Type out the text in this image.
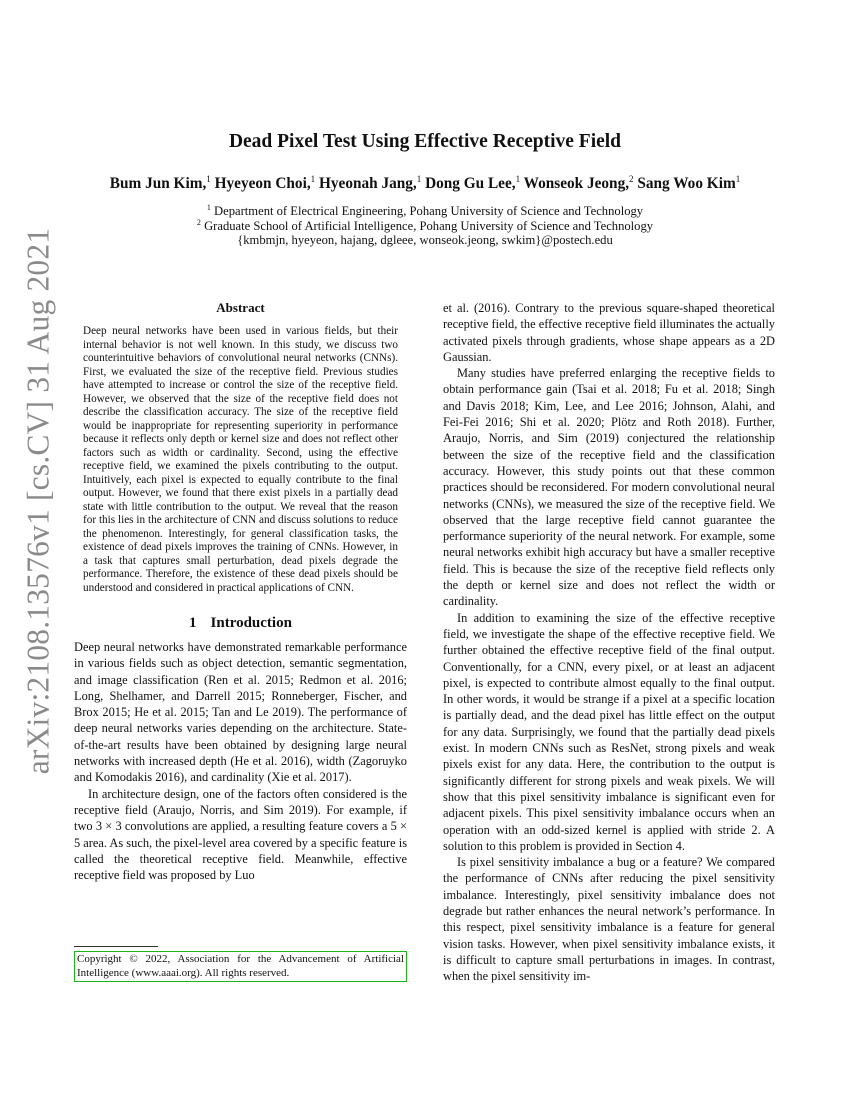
arXiv:2108.13576v1 [cs.CV] 31 Aug 2021
Dead Pixel Test Using Effective Receptive Field
Bum Jun Kim,$^1$ Hyeyeon Choi,$^1$ Hyeonah Jang,$^1$ Dong Gu Lee,$^1$ Wonseok Jeong,$^2$ Sang Woo Kim$^1$
$^1$ Department of Electrical Engineering, Pohang University of Science and Technology
$^2$ Graduate School of Artificial Intelligence, Pohang University of Science and Technology
{kmbmjn, hyeyeon, hajang, dgleee, wonseok.jeong, swkim}@postech.edu
Abstract
Deep neural networks have been used in various fields, but their internal behavior is not well known. In this study, we discuss two counterintuitive behaviors of convolutional neural networks (CNNs). First, we evaluated the size of the receptive field. Previous studies have attempted to increase or control the size of the receptive field. However, we observed that the size of the receptive field does not describe the classification accuracy. The size of the receptive field would be inappropriate for representing superiority in performance because it reflects only depth or kernel size and does not reflect other factors such as width or cardinality. Second, using the effective receptive field, we examined the pixels contributing to the output. Intuitively, each pixel is expected to equally contribute to the final output. However, we found that there exist pixels in a partially dead state with little contribution to the output. We reveal that the reason for this lies in the architecture of CNN and discuss solutions to reduce the phenomenon. Interestingly, for general classification tasks, the existence of dead pixels improves the training of CNNs. However, in a task that captures small perturbation, dead pixels degrade the performance. Therefore, the existence of these dead pixels should be understood and considered in practical applications of CNN.
1 Introduction

Deep neural networks have demonstrated remarkable performance in various fields such as object detection, semantic segmentation, and image classification (Ren et al. 2015; Redmon et al. 2016; Long, Shelhamer, and Darrell 2015; Ronneberger, Fischer, and Brox 2015; He et al. 2015; Tan and Le 2019). The performance of deep neural networks varies depending on the architecture. State-of-the-art results have been obtained by designing large neural networks with increased depth (He et al. 2016), width (Zagoruyko and Komodakis 2016), and cardinality (Xie et al. 2017).

In architecture design, one of the factors often considered is the receptive field (Araujo, Norris, and Sim 2019). For example, if two 3 × 3 convolutions are applied, a resulting feature covers a 5 × 5 area. As such, the pixel-level area covered by a specific feature is called the theoretical receptive field. Meanwhile, effective receptive field was proposed by Luo

Copyright © 2022, Association for the Advancement of Artificial Intelligence (www.aaai.org). All rights reserved.

et al. (2016). Contrary to the previous square-shaped theoretical receptive field, the effective receptive field illuminates the actually activated pixels through gradients, whose shape appears as a 2D Gaussian.

Many studies have preferred enlarging the receptive fields to obtain performance gain (Tsai et al. 2018; Fu et al. 2018; Singh and Davis 2018; Kim, Lee, and Lee 2016; Johnson, Alahi, and Fei-Fei 2016; Shi et al. 2020; Plötz and Roth 2018). Further, Araujo, Norris, and Sim (2019) conjectured the relationship between the size of the receptive field and the classification accuracy. However, this study points out that these common practices should be reconsidered. For modern convolutional neural networks (CNNs), we measured the size of the receptive field. We observed that the large receptive field cannot guarantee the performance superiority of the neural network. For example, some neural networks exhibit high accuracy but have a smaller receptive field. This is because the size of the receptive field reflects only the depth or kernel size and does not reflect the width or cardinality.

In addition to examining the size of the effective receptive field, we investigate the shape of the effective receptive field. We further obtained the effective receptive field of the final output. Conventionally, for a CNN, every pixel, or at least an adjacent pixel, is expected to contribute almost equally to the final output. In other words, it would be strange if a pixel at a specific location is partially dead, and the dead pixel has little effect on the output for any data. Surprisingly, we found that the partially dead pixels exist. In modern CNNs such as ResNet, strong pixels and weak pixels exist for any data. Here, the contribution to the output is significantly different for strong pixels and weak pixels. We will show that this pixel sensitivity imbalance is significant even for adjacent pixels. This pixel sensitivity imbalance occurs when an operation with an odd-sized kernel is applied with stride 2. A solution to this problem is provided in Section 4.

Is pixel sensitivity imbalance a bug or a feature? We compared the performance of CNNs after reducing the pixel sensitivity imbalance. Interestingly, pixel sensitivity imbalance does not degrade but rather enhances the neural network’s performance. In this respect, pixel sensitivity imbalance is a feature for general vision tasks. However, when pixel sensitivity imbalance exists, it is difficult to capture small perturbations in images. In contrast, when the pixel sensitivity im-
